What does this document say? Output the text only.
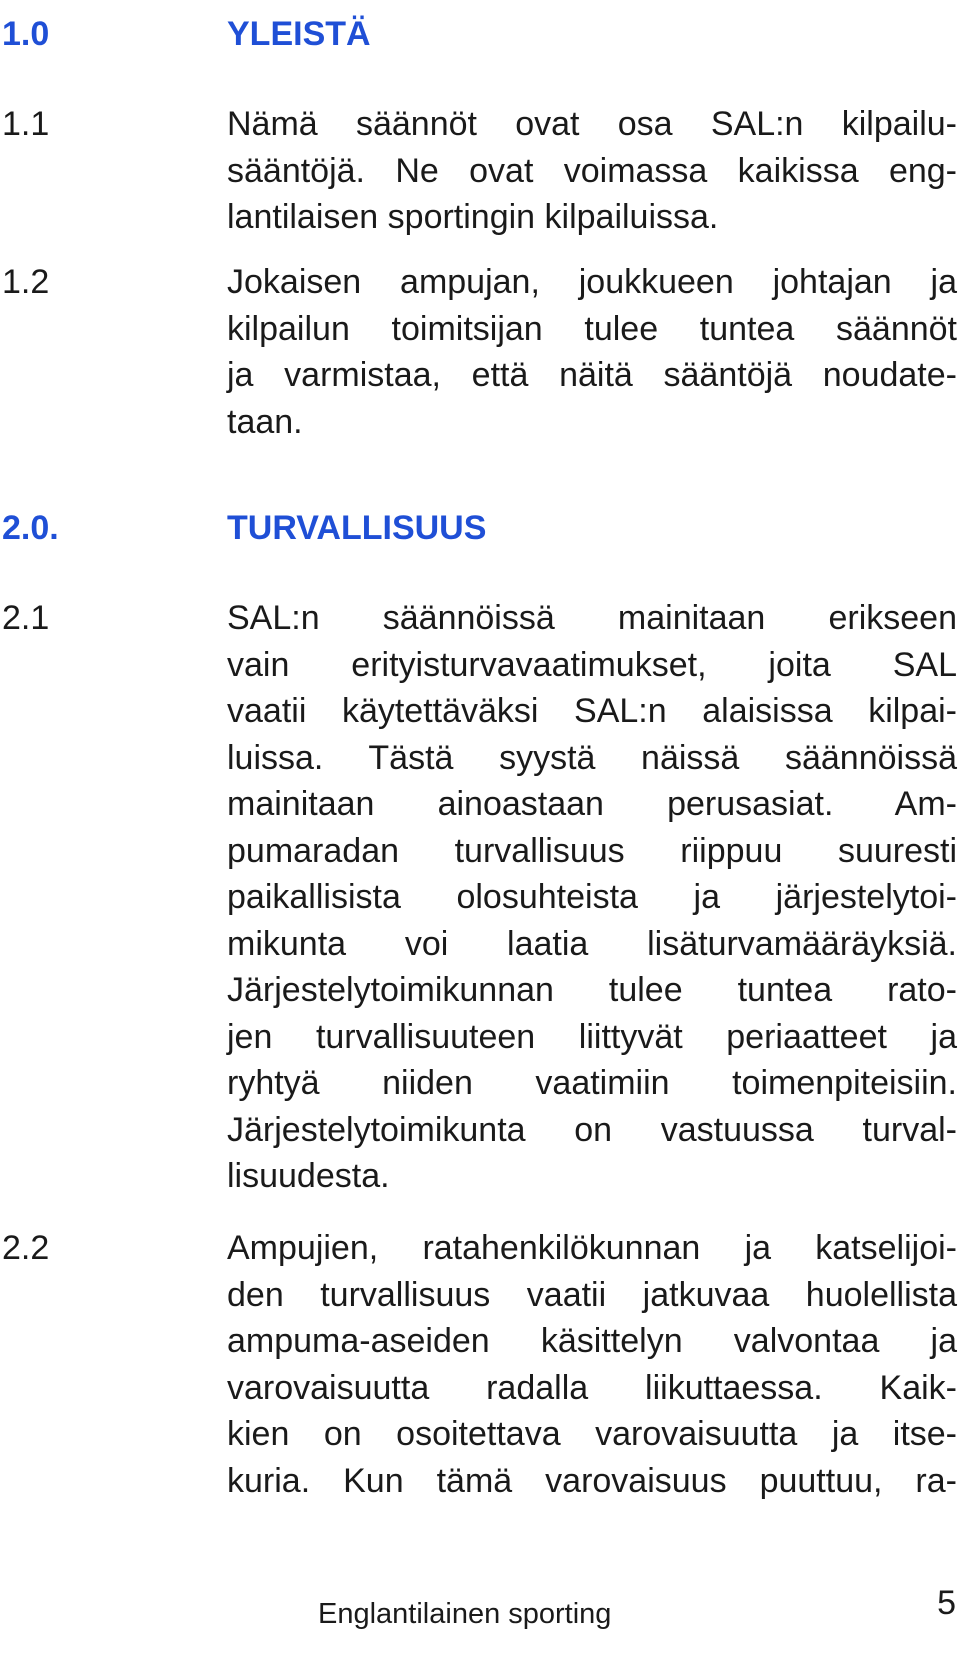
1.0	YLEISTÄ
1.1	Nämä säännöt ovat osa SAL:n kilpailu-
sääntöjä. Ne ovat voimassa kaikissa eng-
lantilaisen sportingin kilpailuissa.
1.2	Jokaisen ampujan, joukkueen johtajan ja
kilpailun toimitsijan tulee tuntea säännöt
ja varmistaa, että näitä sääntöjä noudate-
taan.
2.0.	TURVALLISUUS
2.1	SAL:n säännöissä mainitaan erikseen
vain erityisturvavaatimukset, joita SAL
vaatii käytettäväksi SAL:n alaisissa kilpai-
luissa. Tästä syystä näissä säännöissä
mainitaan ainoastaan perusasiat. Am-
pumaradan turvallisuus riippuu suuresti
paikallisista olosuhteista ja järjestelytoi-
mikunta voi laatia lisäturvamääräyksiä.
Järjestelytoimikunnan tulee tuntea rato-
jen turvallisuuteen liittyvät periaatteet ja
ryhtyä niiden vaatimiin toimenpiteisiin.
Järjestelytoimikunta on vastuussa turval-
lisuudesta.
2.2	Ampujien, ratahenkilökunnan ja katselijoi-
den turvallisuus vaatii jatkuvaa huolellista
ampuma-aseiden käsittelyn valvontaa ja
varovaisuutta radalla liikuttaessa. Kaik-
kien on osoitettava varovaisuutta ja itse-
kuria. Kun tämä varovaisuus puuttuu, ra-
Englantilainen sporting	5
